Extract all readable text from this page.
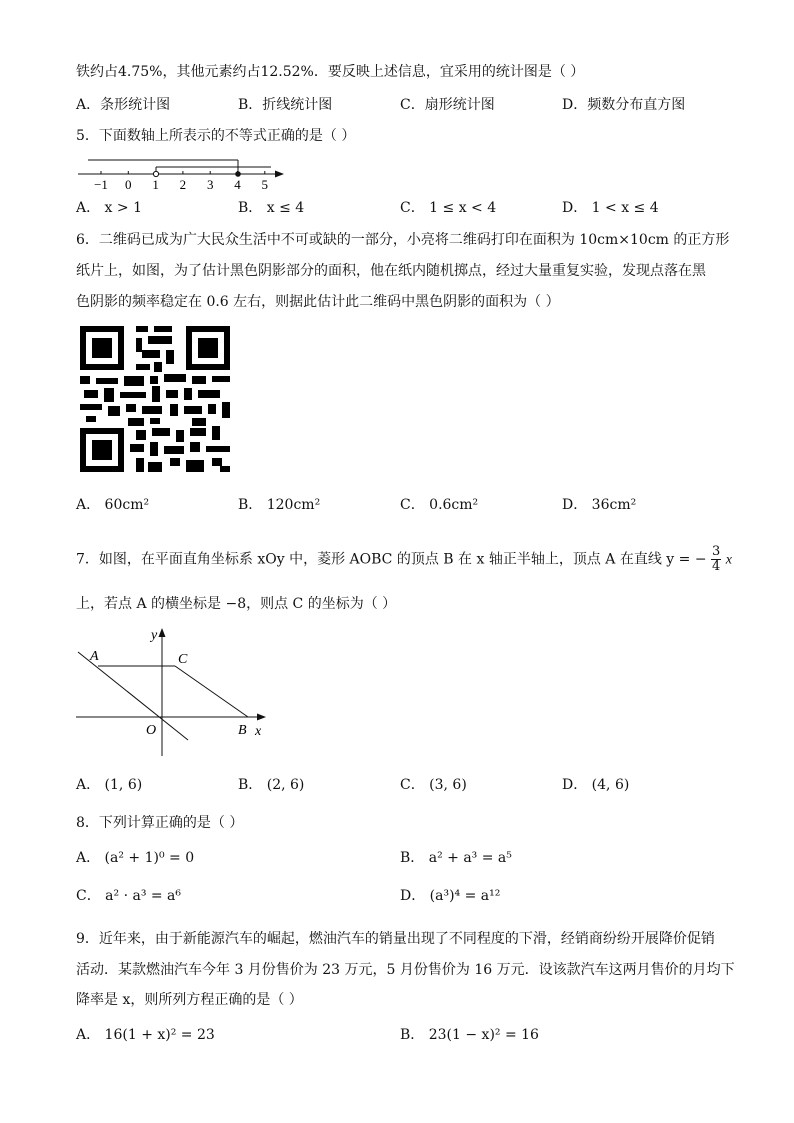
铁约占4.75%，其他元素约占12.52%．要反映上述信息，宜采用的统计图是（ ）
A．条形统计图	B．折线统计图	C．扇形统计图	D．频数分布直方图
5．下面数轴上所表示的不等式正确的是（ ）
−1 0 1 2 3 4 5
A． x > 1	B． x ≤ 4	C． 1 ≤ x < 4	D． 1 < x ≤ 4
6．二维码已成为广大民众生活中不可或缺的一部分，小亮将二维码打印在面积为 10cm×10cm 的正方形
纸片上，如图，为了估计黑色阴影部分的面积，他在纸内随机掷点，经过大量重复实验，发现点落在黑
色阴影的频率稳定在 0.6 左右，则据此估计此二维码中黑色阴影的面积为（ ）
A． 60cm²	B． 120cm²	C． 0.6cm²	D． 36cm²
7．如图，在平面直角坐标系 xOy 中，菱形 AOBC 的顶点 B 在 x 轴正半轴上，顶点 A 在直线 y = − $\frac{3}{4}$ x
上，若点 A 的横坐标是 −8，则点 C 的坐标为（ ）
y
x
A	C
O	B
A． (1, 6)	B． (2, 6)	C． (3, 6)	D． (4, 6)
8．下列计算正确的是（ ）
A． (a² + 1)⁰ = 0	B． a² + a³ = a⁵
C． a² · a³ = a⁶	D． (a³)⁴ = a¹²
9．近年来，由于新能源汽车的崛起，燃油汽车的销量出现了不同程度的下滑，经销商纷纷开展降价促销
活动．某款燃油汽车今年 3 月份售价为 23 万元，5 月份售价为 16 万元．设该款汽车这两月售价的月均下
降率是 x，则所列方程正确的是（ ）
A． 16(1 + x)² = 23	B． 23(1 − x)² = 16
